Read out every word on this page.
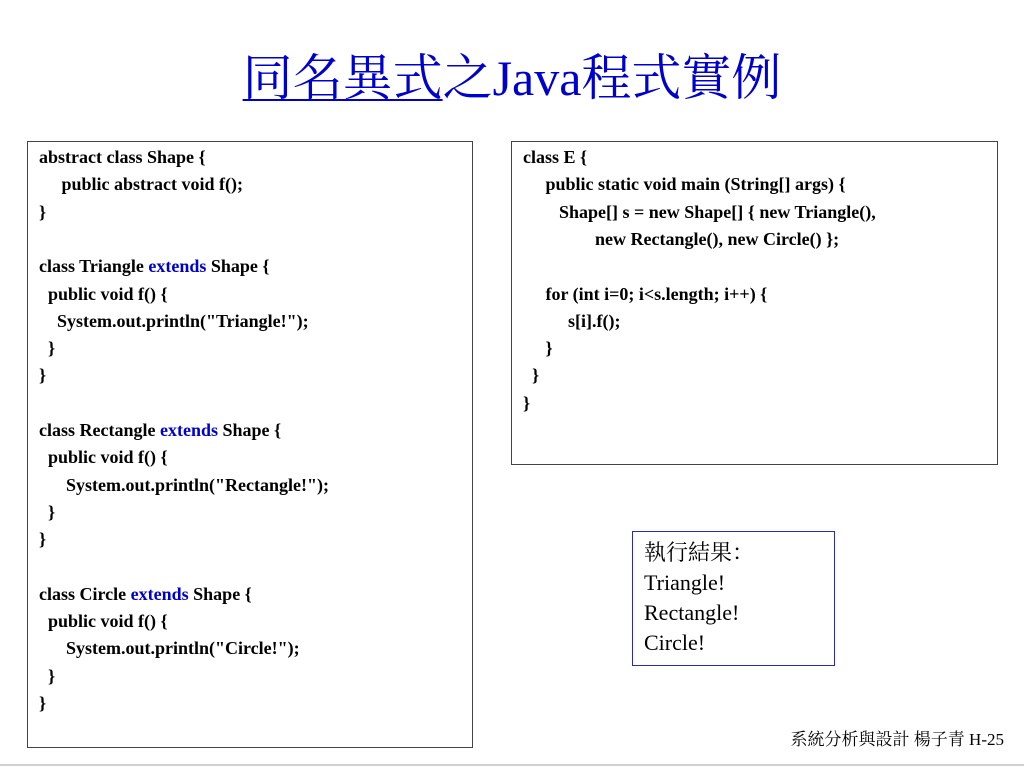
同名異式之Java程式實例
abstract class Shape {
public abstract void f();
}
class Triangle extends Shape {
public void f() {
System.out.println("Triangle!");
}
}
class Rectangle extends Shape {
public void f() {
System.out.println("Rectangle!");
}
}
class Circle extends Shape {
public void f() {
System.out.println("Circle!");
}
}
class E {
public static void main (String[] args) {
Shape[] s = new Shape[] { new Triangle(),
new Rectangle(), new Circle() };
for (int i=0; i<s.length; i++) {
s[i].f();
}
}
}
執行結果：
Triangle!
Rectangle!
Circle!
系統分析與設計 楊子青 H-25
